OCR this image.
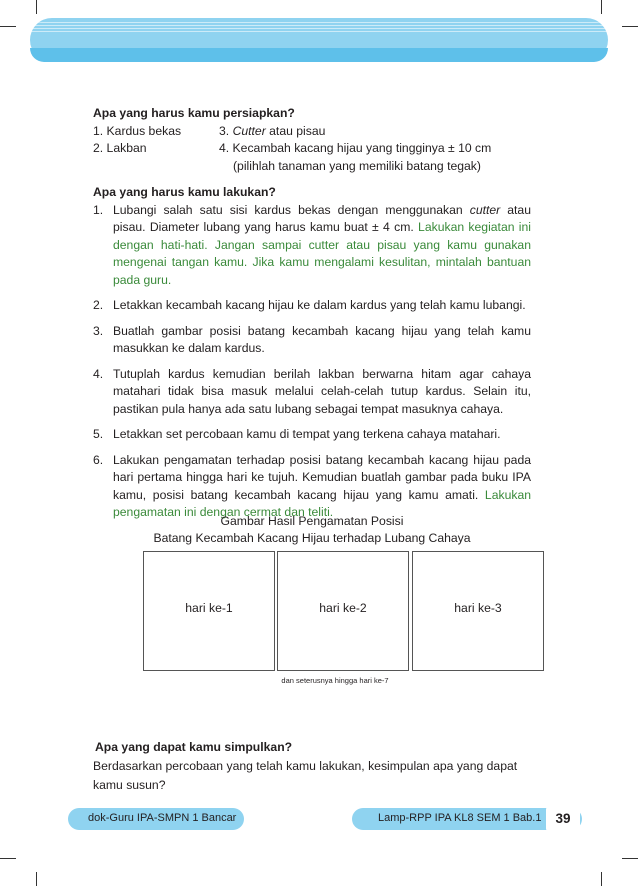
Apa yang harus kamu persiapkan?

1. Kardus bekas	3. Cutter atau pisau
2. Lakban	4. Kecambah kacang hijau yang tingginya ± 10 cm
(pilihlah tanaman yang memiliki batang tegak)

Apa yang harus kamu lakukan?

1. Lubangi salah satu sisi kardus bekas dengan menggunakan cutter atau pisau. Diameter lubang yang harus kamu buat ± 4 cm. Lakukan kegiatan ini dengan hati-hati. Jangan sampai cutter atau pisau yang kamu gunakan mengenai tangan kamu. Jika kamu mengalami kesulitan, mintalah bantuan pada guru.
2. Letakkan kecambah kacang hijau ke dalam kardus yang telah kamu lubangi.
3. Buatlah gambar posisi batang kecambah kacang hijau yang telah kamu masukkan ke dalam kardus.
4. Tutuplah kardus kemudian berilah lakban berwarna hitam agar cahaya matahari tidak bisa masuk melalui celah-celah tutup kardus. Selain itu, pastikan pula hanya ada satu lubang sebagai tempat masuknya cahaya.
5. Letakkan set percobaan kamu di tempat yang terkena cahaya matahari.
6. Lakukan pengamatan terhadap posisi batang kecambah kacang hijau pada hari pertama hingga hari ke tujuh. Kemudian buatlah gambar pada buku IPA kamu, posisi batang kecambah kacang hijau yang kamu amati. Lakukan pengamatan ini dengan cermat dan teliti.
Gambar Hasil Pengamatan Posisi
Batang Kecambah Kacang Hijau terhadap Lubang Cahaya
hari ke-1	hari ke-2	hari ke-3
dan seterusnya hingga hari ke-7

Apa yang dapat kamu simpulkan?

Berdasarkan percobaan yang telah kamu lakukan, kesimpulan apa yang dapat kamu susun?

dok-Guru IPA-SMPN 1 Bancar	Lamp-RPP IPA KL8 SEM 1 Bab.1	39
